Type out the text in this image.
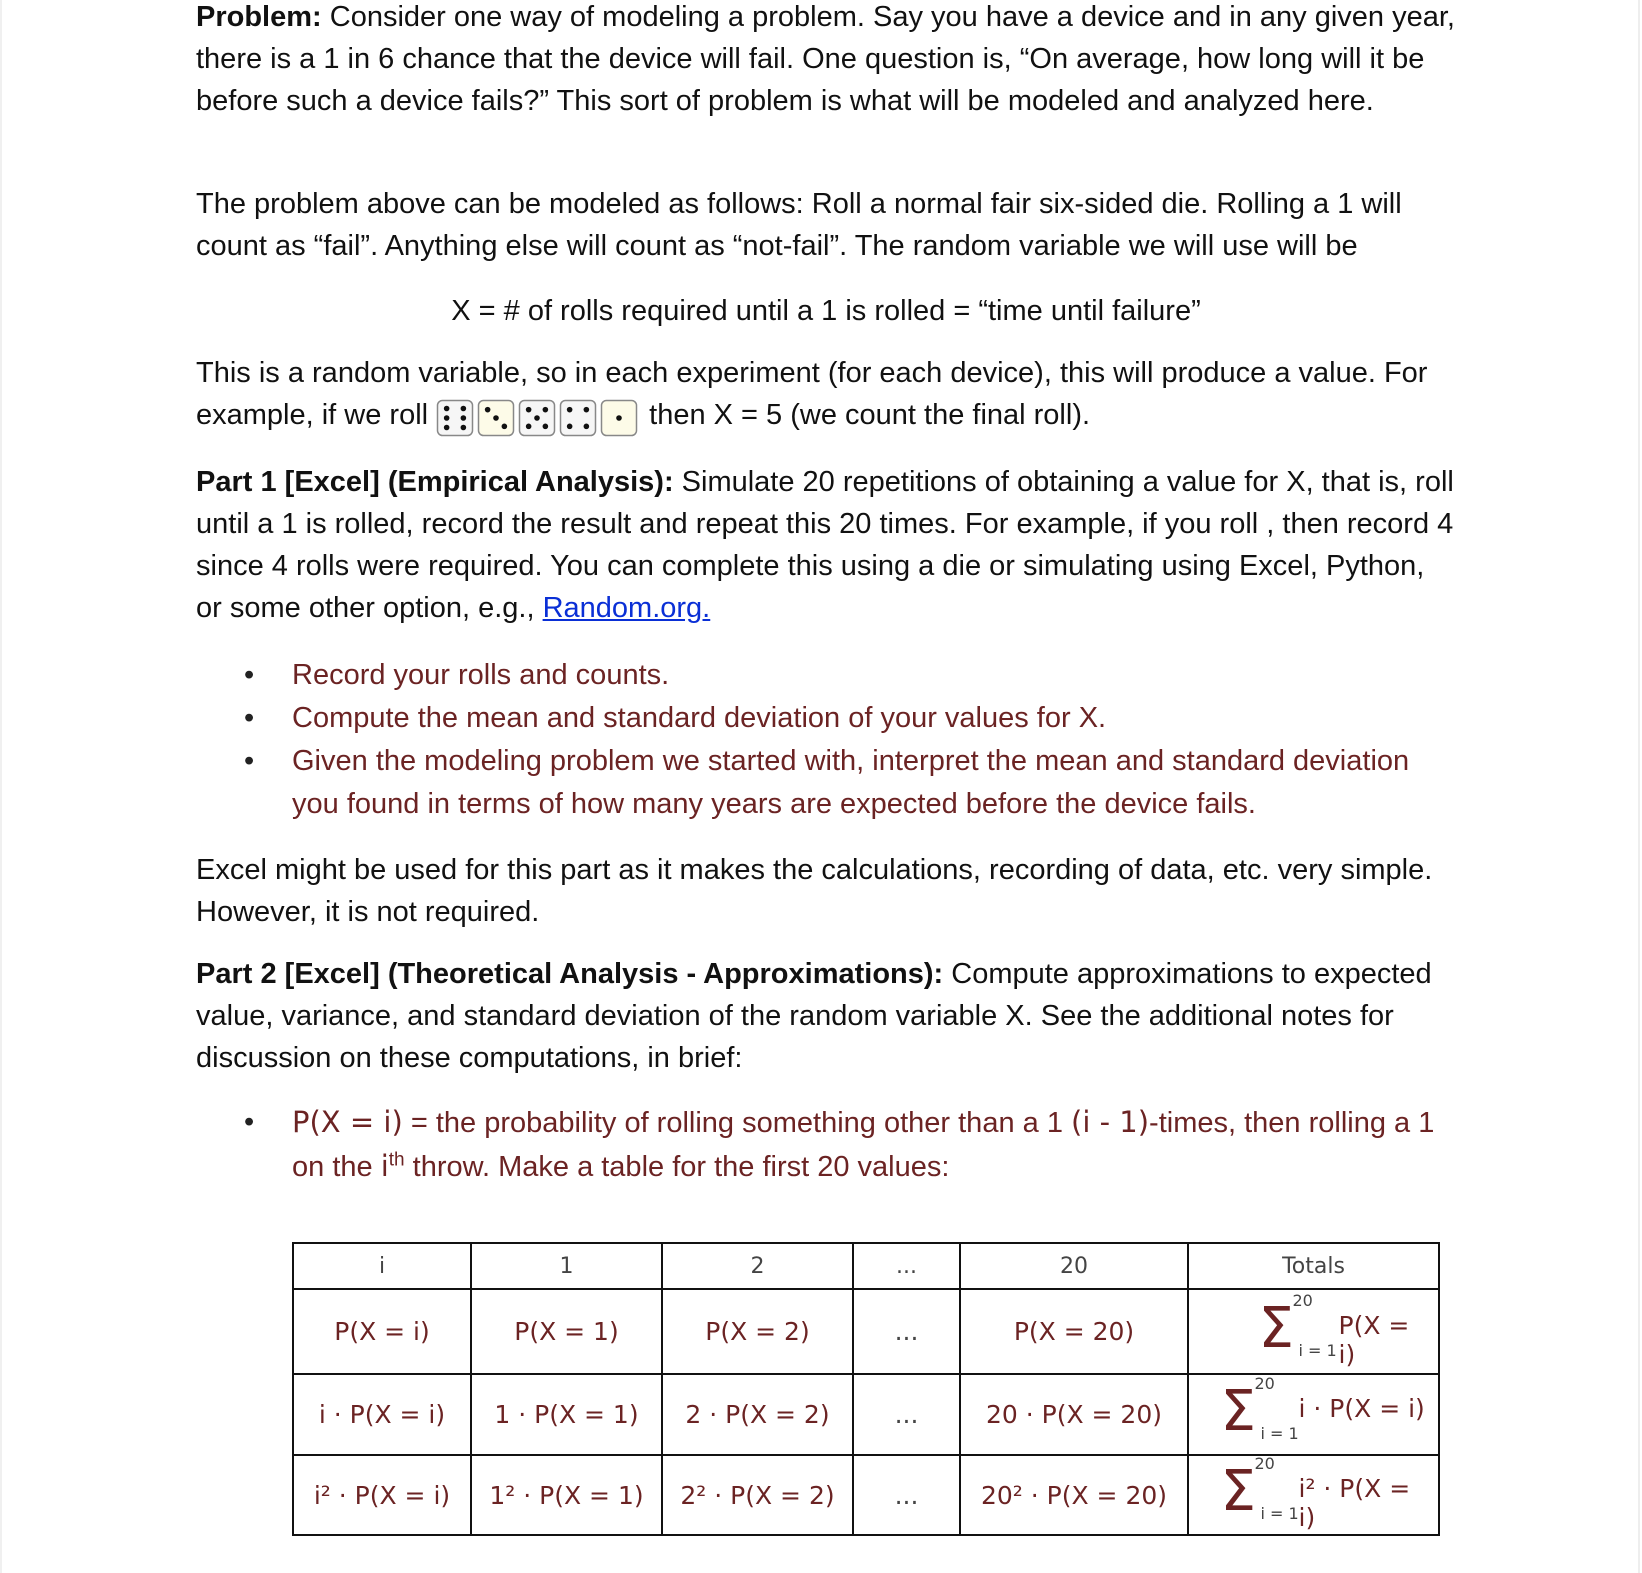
Problem: Consider one way of modeling a problem. Say you have a device and in any given year, there is a 1 in 6 chance that the device will fail. One question is, “On average, how long will it be before such a device fails?” This sort of problem is what will be modeled and analyzed here.

The problem above can be modeled as follows: Roll a normal fair six-sided die. Rolling a 1 will count as “fail”. Anything else will count as “not-fail”. The random variable we will use will be

X = # of rolls required until a 1 is rolled = “time until failure”

This is a random variable, so in each experiment (for each device), this will produce a value. For example, if we roll	then X = 5 (we count the final roll).

Part 1 [Excel] (Empirical Analysis): Simulate 20 repetitions of obtaining a value for X, that is, roll until a 1 is rolled, record the result and repeat this 20 times. For example, if you roll , then record 4 since 4 rolls were required. You can complete this using a die or simulating using Excel, Python, or some other option, e.g., Random.org.

• Record your rolls and counts.
• Compute the mean and standard deviation of your values for X.
• Given the modeling problem we started with, interpret the mean and standard deviation you found in terms of how many years are expected before the device fails.

Excel might be used for this part as it makes the calculations, recording of data, etc. very simple. However, it is not required.

Part 2 [Excel] (Theoretical Analysis - Approximations): Compute approximations to expected value, variance, and standard deviation of the random variable X. See the additional notes for discussion on these computations, in brief:

• P(X = i) = the probability of rolling something other than a 1 (i - 1)-times, then rolling a 1 on the $i^{th}$ throw. Make a table for the first 20 values:
i	1	2	...	20	Totals
P(X = i)	P(X = 1)	P(X = 2)	...	P(X = 20)	Σ
20
i = 1
P(X = i)

i · P(X = i)	1 · P(X = 1)	2 · P(X = 2)	...	20 · P(X = 20)	Σ
20
i = 1
i · P(X = i)

i² · P(X = i)	1² · P(X = 1)	2² · P(X = 2)	...	20² · P(X = 20)	Σ
20
i = 1
i² · P(X = i)
